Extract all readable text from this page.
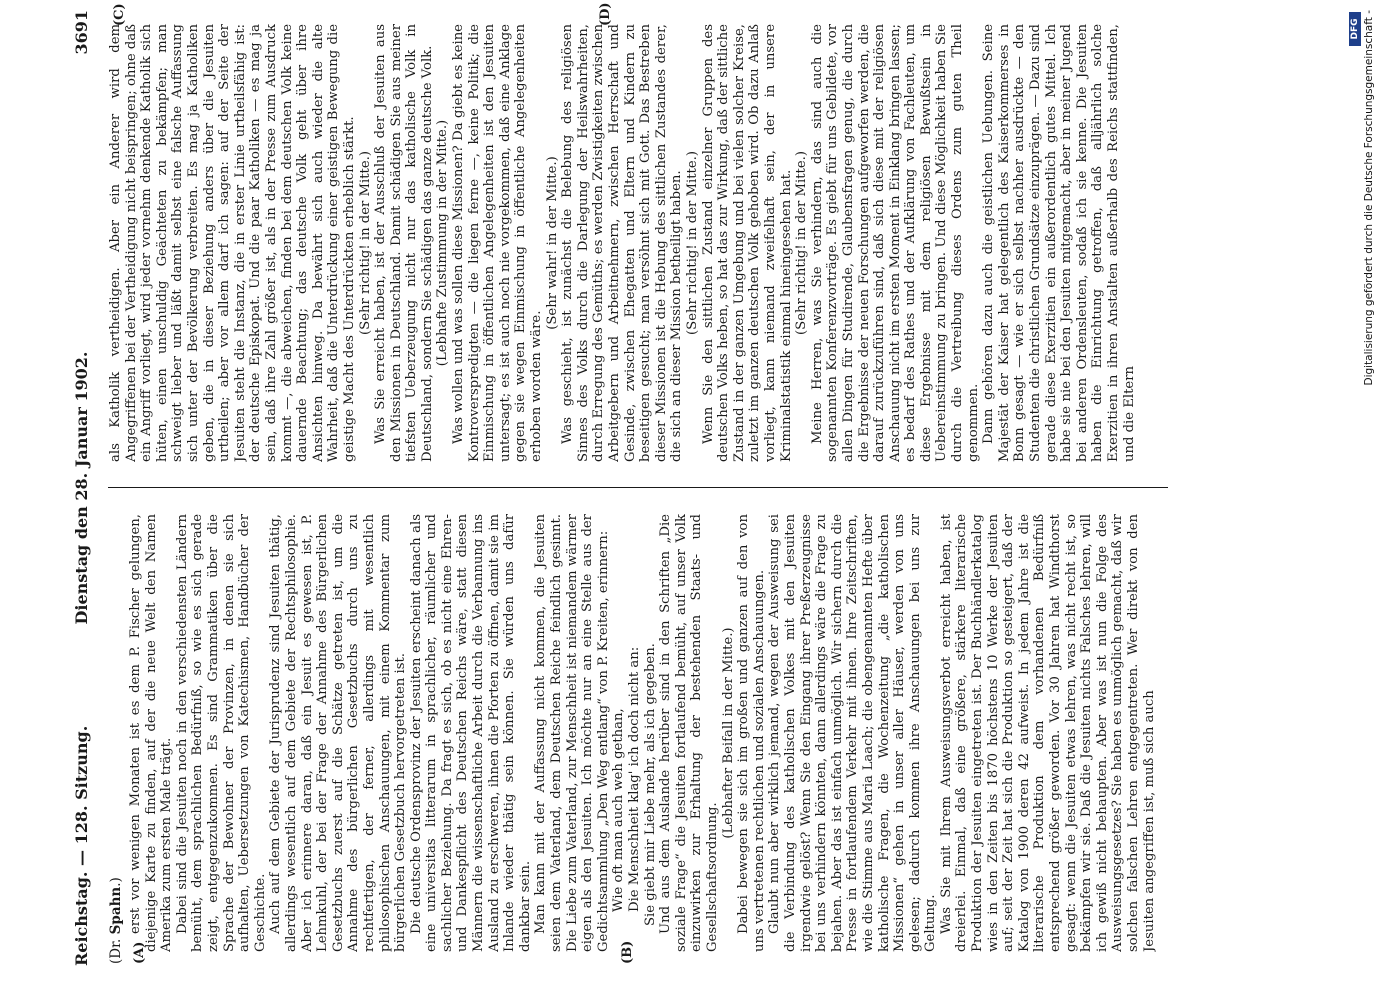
Reichstag. — 128. Sitzung.
Dienstag den 28. Januar 1902.
3691
(Dr. Spahn.)
(A)	(B)
(C)	(D)

erst vor wenigen Monaten ist es dem P. Fischer gelungen, diejenige Karte zu finden, auf der die neue Welt den Namen Amerika zum ersten Male trägt. Dabei sind die Jesuiten noch in den verschiedensten Ländern bemüht, dem sprachlichen Bedürfniß, so wie es sich gerade zeigt, entgegenzukommen. Es sind Grammatiken über die Sprache der Bewohner der Provinzen, in denen sie sich aufhalten, Uebersetzungen von Katechismen, Handbücher der Geschichte. Auch auf dem Gebiete der Jurisprudenz sind Jesuiten thätig, allerdings wesentlich auf dem Gebiete der Rechtsphilosophie. Aber ich erinnere daran, daß ein Jesuit es gewesen ist, P. Lehmkuhl, der bei der Frage der Annahme des Bürgerlichen Gesetzbuchs zuerst auf die Schätze getreten ist, um die Annahme des bürgerlichen Gesetzbuchs durch uns zu rechtfertigen, der ferner, allerdings mit wesentlich philosophischen Anschauungen, mit einem Kommentar zum bürgerlichen Gesetzbuch hervorgetreten ist. Die deutsche Ordensprovinz der Jesuiten erscheint danach als eine universitas litterarum in sprachlicher, räumlicher und sachlicher Beziehung. Da fragt es sich, ob es nicht eine Ehren- und Dankespflicht des Deutschen Reichs wäre, statt diesen Männern die wissenschaftliche Arbeit durch die Verbannung ins Ausland zu erschweren, ihnen die Pforten zu öffnen, damit sie im Inlande wieder thätig sein können. Sie würden uns dafür dankbar sein. Man kann mit der Auffassung nicht kommen, die Jesuiten seien dem Vaterland, dem Deutschen Reiche feindlich gesinnt. Die Liebe zum Vaterland, zur Menschheit ist niemandem wärmer eigen als den Jesuiten. Ich möchte nur an eine Stelle aus der Gedichtsammlung „Den Weg entlang“ von P. Kreiten, erinnern: Wie oft man auch weh gethan, Die Menschheit klag' ich doch nicht an: Sie giebt mir Liebe mehr, als ich gegeben. Und aus dem Auslande herüber sind in den Schriften „Die soziale Frage“ die Jesuiten fortlaufend bemüht, auf unser Volk einzuwirken zur Erhaltung der bestehenden Staats- und Gesellschaftsordnung.

(Lebhafter Beifall in der Mitte.) Dabei bewegen sie sich im großen und ganzen auf den von uns vertretenen rechtlichen und sozialen Anschauungen. Glaubt nun aber wirklich jemand, wegen der Ausweisung sei die Verbindung des katholischen Volkes mit den Jesuiten irgendwie gelöst? Wenn Sie den Eingang ihrer Preßerzeugnisse bei uns verhindern könnten, dann allerdings wäre die Frage zu bejahen. Aber das ist einfach unmöglich. Wir sichern durch die Presse in fortlaufendem Verkehr mit ihnen. Ihre Zeitschriften, wie die Stimme aus Maria Laach; die obengenannten Hefte über katholische Fragen, die Wochenzeitung „die katholischen Missionen“ gehen in unser aller Häuser, werden von uns gelesen; dadurch kommen ihre Anschauungen bei uns zur Geltung. Was Sie mit Ihrem Ausweisungsverbot erreicht haben, ist dreierlei. Einmal, daß eine größere, stärkere literarische Produktion der Jesuiten eingetreten ist. Der Buchhändlerkatalog wies in den Zeiten bis 1870 höchstens 10 Werke der Jesuiten auf; seit der Zeit hat sich die Produktion so gesteigert, daß der Katalog von 1900 deren 42 aufweist. In jedem Jahre ist die literarische Produktion dem vorhandenen Bedürfniß entsprechend größer geworden. Vor 30 Jahren hat Windthorst gesagt: wenn die Jesuiten etwas lehren, was nicht recht ist, so bekämpfen wir sie. Daß die Jesuiten nichts Falsches lehren, will ich gewiß nicht behaupten. Aber was ist nun die Folge des Ausweisungsgesetzes? Sie haben es unmöglich gemacht, daß wir solchen falschen Lehren entgegentreten. Wer direkt von den Jesuiten angegriffen ist, muß sich auch

als Katholik vertheidigen. Aber ein Anderer wird dem Angegriffenen bei der Vertheidigung nicht beispringen; ohne daß ein Angriff vorliegt, wird jeder vornehm denkende Katholik sich hüten, einen unschuldig Geächteten zu bekämpfen; man schweigt lieber und läßt damit selbst eine falsche Auffassung sich unter der Bevölkerung verbreiten. Es mag ja Katholiken geben, die in dieser Beziehung anders über die Jesuiten urtheilen; aber vor allem darf ich sagen: auf der Seite der Jesuiten steht die Instanz, die in erster Linie urtheilsfähig ist: der deutsche Episkopat. Und die paar Katholiken — es mag ja sein, daß ihre Zahl größer ist, als in der Presse zum Ausdruck kommt —, die abweichen, finden bei dem deutschen Volk keine dauernde Beachtung; das deutsche Volk geht über ihre Ansichten hinweg. Da bewährt sich auch wieder die alte Wahrheit, daß die Unterdrückung einer geistigen Bewegung die geistige Macht des Unterdrückten erheblich stärkt. (Sehr richtig! in der Mitte.) Was Sie erreicht haben, ist der Ausschluß der Jesuiten aus den Missionen in Deutschland. Damit schädigen Sie aus meiner tiefsten Ueberzeugung nicht nur das katholische Volk in Deutschland, sondern Sie schädigen das ganze deutsche Volk. (Lebhafte Zustimmung in der Mitte.) Was wollen und was sollen diese Missionen? Da giebt es keine Kontroverspredigten — die liegen ferne —, keine Politik; die Einmischung in öffentlichen Angelegenheiten ist den Jesuiten untersagt; es ist auch noch nie vorgekommen, daß eine Anklage gegen sie wegen Einmischung in öffentliche Angelegenheiten erhoben worden wäre.

(Sehr wahr! in der Mitte.) Was geschieht, ist zunächst die Belebung des religiösen Sinnes des Volks durch die Darlegung der Heilswahrheiten, durch Erregung des Gemüths; es werden Zwistigkeiten zwischen Arbeitgebern und Arbeitnehmern, zwischen Herrschaft und Gesinde, zwischen Ehegatten und Eltern und Kindern zu beseitigen gesucht; man versöhnt sich mit Gott. Das Bestreben dieser Missionen ist die Hebung des sittlichen Zustandes derer, die sich an dieser Mission betheiligt haben. (Sehr richtig! in der Mitte.) Wenn Sie den sittlichen Zustand einzelner Gruppen des deutschen Volks heben, so hat das zur Wirkung, daß der sittliche Zustand in der ganzen Umgebung und bei vielen solcher Kreise, zuletzt im ganzen deutschen Volk gehoben wird. Ob dazu Anlaß vorliegt, kann niemand zweifelhaft sein, der in unsere Kriminalstatistik einmal hineingesehen hat. (Sehr richtig! in der Mitte.) Meine Herren, was Sie verhindern, das sind auch die sogenannten Konferenzvorträge. Es giebt für uns Gebildete, vor allen Dingen für Studirende, Glaubensfragen genug, die durch die Ergebnisse der neuen Forschungen aufgeworfen werden, die darauf zurückzuführen sind, daß sich diese mit der religiösen Anschauung nicht im ersten Moment in Einklang bringen lassen; es bedarf des Rathes und der Aufklärung von Fachleuten, um diese Ergebnisse mit dem religiösen Bewußtsein in Uebereinstimmung zu bringen. Und diese Möglichkeit haben Sie durch die Vertreibung dieses Ordens zum guten Theil genommen. Dann gehören dazu auch die geistlichen Uebungen. Seine Majestät der Kaiser hat gelegentlich des Kaiserkommerses in Bonn gesagt — wie er sich selbst nachher ausdrückte — den Studenten die christlichen Grundsätze einzuprägen. — Dazu sind gerade diese Exerzitien ein außerordentlich gutes Mittel. Ich habe sie nie bei den Jesuiten mitgemacht, aber in meiner Jugend bei anderen Ordensleuten, sodaß ich sie kenne. Die Jesuiten haben die Einrichtung getroffen, daß alljährlich solche Exerzitien in ihren Anstalten außerhalb des Reichs stattfinden, und die Eltern

Digitalisierung gefördert durch die Deutsche Forschungsgemeinschaft -
DFG
